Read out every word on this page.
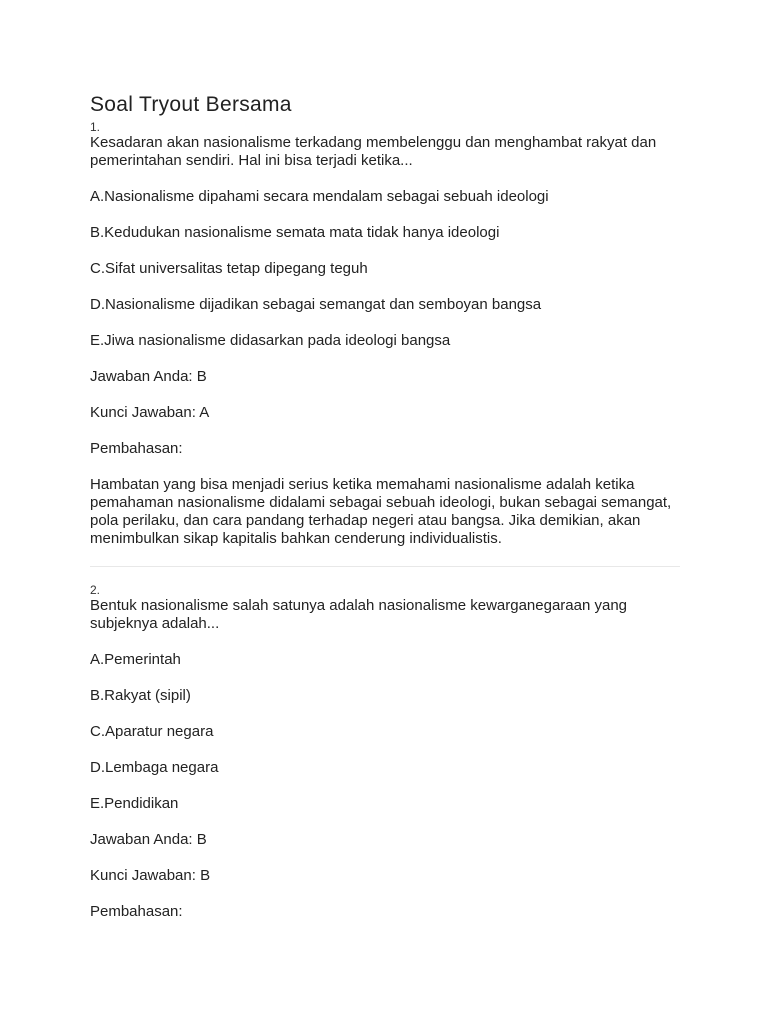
Soal Tryout Bersama
1.

Kesadaran akan nasionalisme terkadang membelenggu dan menghambat rakyat dan pemerintahan sendiri. Hal ini bisa terjadi ketika...

A.Nasionalisme dipahami secara mendalam sebagai sebuah ideologi

B.Kedudukan nasionalisme semata mata tidak hanya ideologi

C.Sifat universalitas tetap dipegang teguh

D.Nasionalisme dijadikan sebagai semangat dan semboyan bangsa

E.Jiwa nasionalisme didasarkan pada ideologi bangsa

Jawaban Anda: B

Kunci Jawaban: A

Pembahasan:

Hambatan yang bisa menjadi serius ketika memahami nasionalisme adalah ketika pemahaman nasionalisme didalami sebagai sebuah ideologi, bukan sebagai semangat, pola perilaku, dan cara pandang terhadap negeri atau bangsa. Jika demikian, akan menimbulkan sikap kapitalis bahkan cenderung individualistis.

2.

Bentuk nasionalisme salah satunya adalah nasionalisme kewarganegaraan yang subjeknya adalah...

A.Pemerintah

B.Rakyat (sipil)

C.Aparatur negara

D.Lembaga negara

E.Pendidikan

Jawaban Anda: B

Kunci Jawaban: B

Pembahasan:
